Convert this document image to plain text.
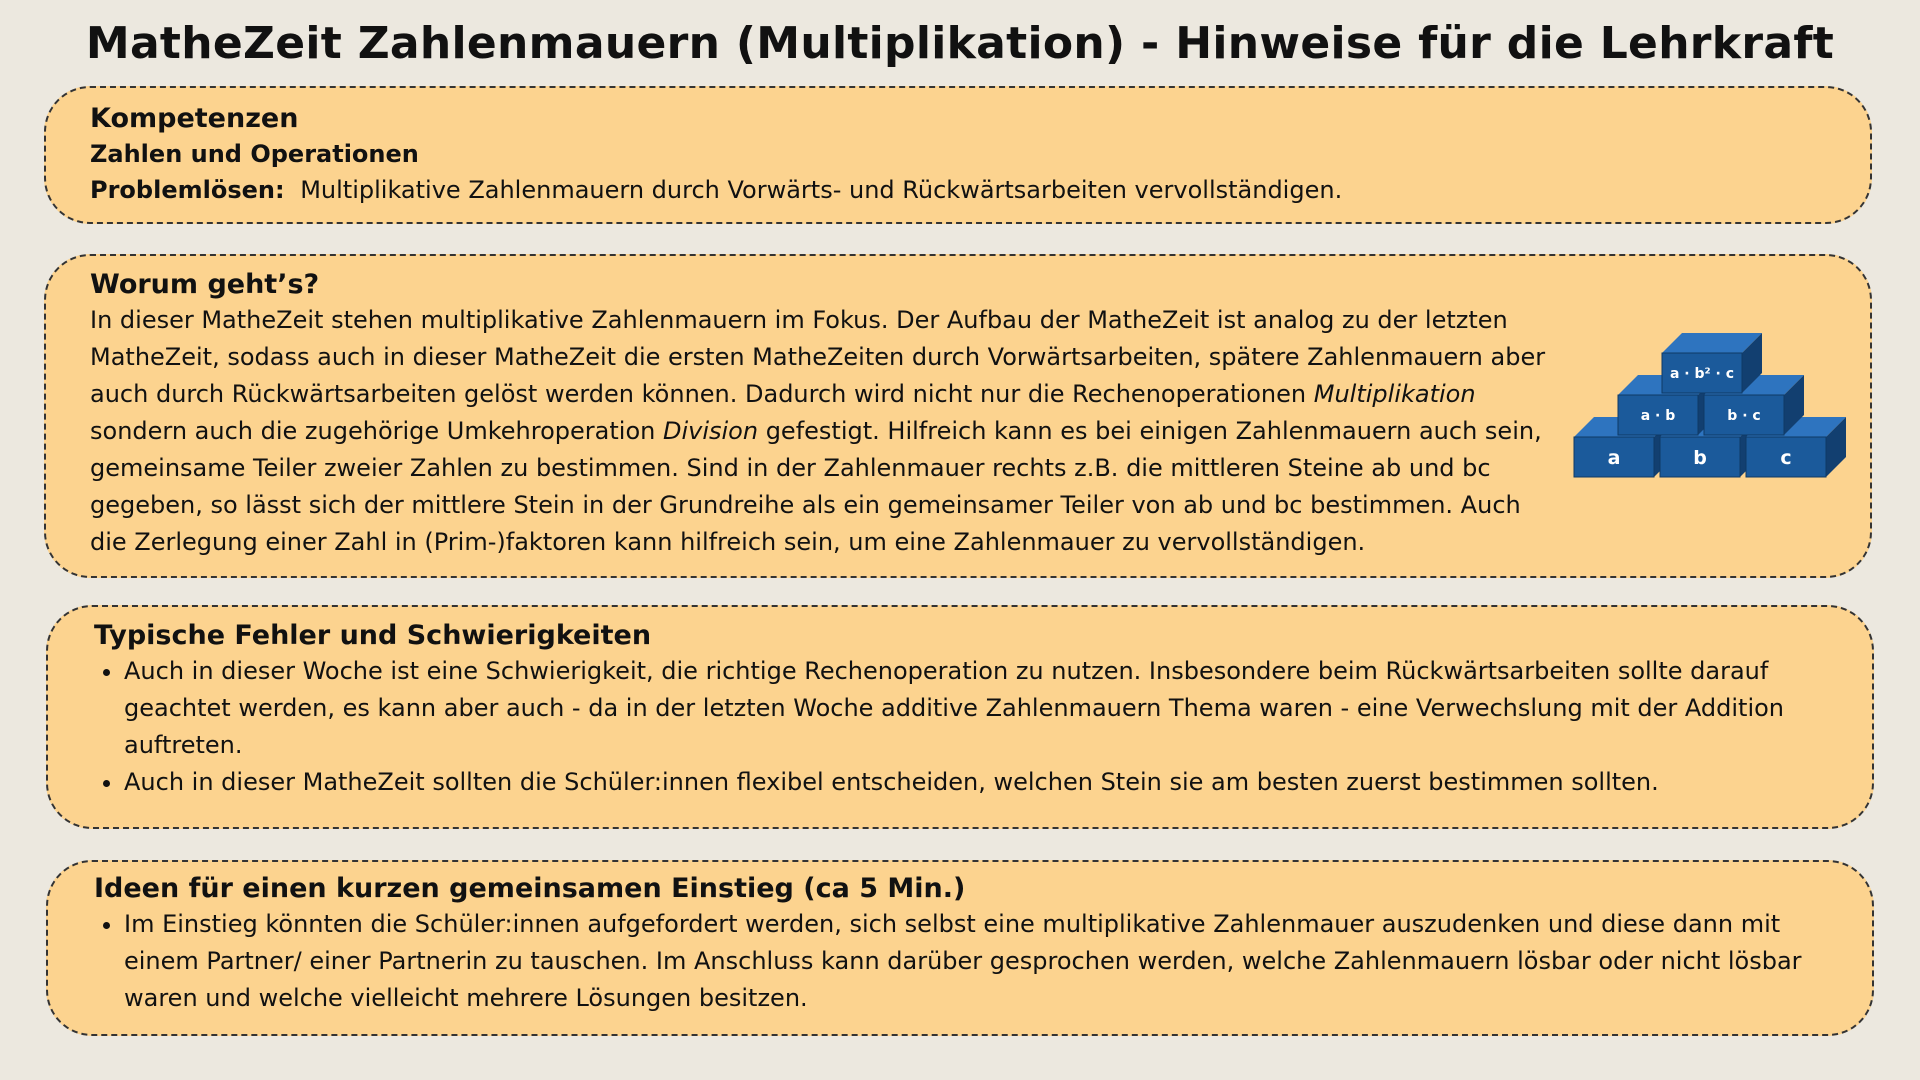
MatheZeit Zahlenmauern (Multiplikation) - Hinweise für die Lehrkraft
Kompetenzen
Zahlen und Operationen

Problemlösen: Multiplikative Zahlenmauern durch Vorwärts- und Rückwärtsarbeiten vervollständigen.

Worum geht’s?
a	b	c
a · b	b · c
a · b² · c

In dieser MatheZeit stehen multiplikative Zahlenmauern im Fokus. Der Aufbau der MatheZeit ist analog zu der letzten MatheZeit, sodass auch in dieser MatheZeit die ersten MatheZeiten durch Vorwärtsarbeiten, spätere Zahlenmauern aber auch durch Rückwärtsarbeiten gelöst werden können. Dadurch wird nicht nur die Rechenoperationen Multiplikation sondern auch die zugehörige Umkehroperation Division gefestigt. Hilfreich kann es bei einigen Zahlenmauern auch sein, gemeinsame Teiler zweier Zahlen zu bestimmen. Sind in der Zahlenmauer rechts z.B. die mittleren Steine ab und bc gegeben, so lässt sich der mittlere Stein in der Grundreihe als ein gemeinsamer Teiler von ab und bc bestimmen. Auch die Zerlegung einer Zahl in (Prim-)faktoren kann hilfreich sein, um eine Zahlenmauer zu vervollständigen.

Typische Fehler und Schwierigkeiten
• Auch in dieser Woche ist eine Schwierigkeit, die richtige Rechenoperation zu nutzen. Insbesondere beim Rückwärtsarbeiten sollte darauf geachtet werden, es kann aber auch - da in der letzten Woche additive Zahlenmauern Thema waren - eine Verwechslung mit der Addition auftreten.
• Auch in dieser MatheZeit sollten die Schüler:innen flexibel entscheiden, welchen Stein sie am besten zuerst bestimmen sollten.
Ideen für einen kurzen gemeinsamen Einstieg (ca 5 Min.)
• Im Einstieg könnten die Schüler:innen aufgefordert werden, sich selbst eine multiplikative Zahlenmauer auszudenken und diese dann mit einem Partner/ einer Partnerin zu tauschen. Im Anschluss kann darüber gesprochen werden, welche Zahlenmauern lösbar oder nicht lösbar waren und welche vielleicht mehrere Lösungen besitzen.
